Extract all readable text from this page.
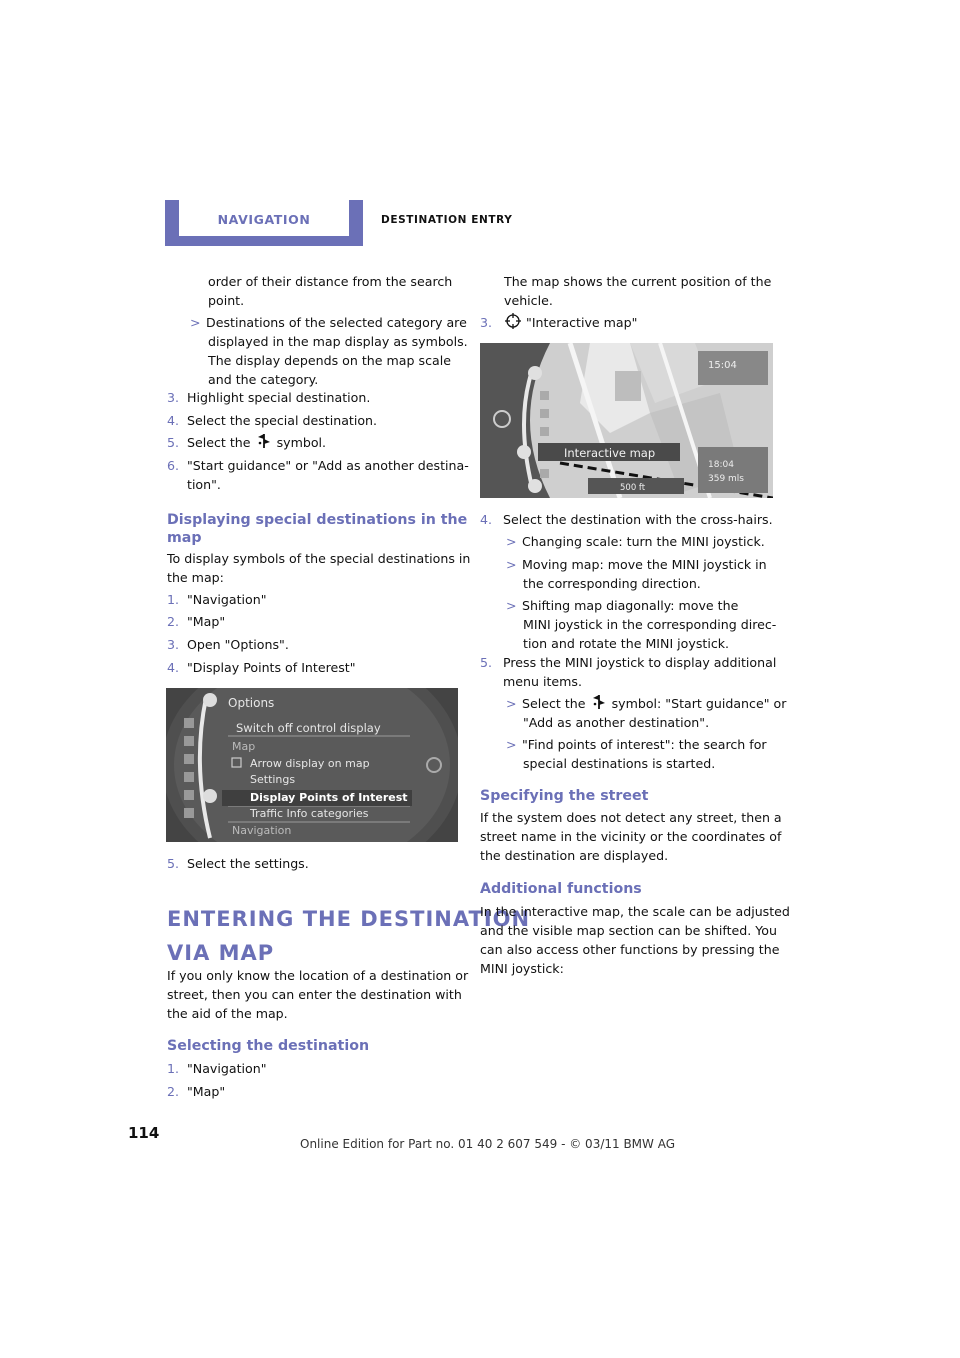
NAVIGATION	DESTINATION ENTRY
order of their distance from the search
point.
> Destinations of the selected category are
displayed in the map display as symbols.
The display depends on the map scale
and the category.
3. Highlight special destination.
4. Select the special destination.
5. Select the symbol.
6. "Start guidance" or "Add as another destina-
tion".
Displaying special destinations in the
map
To display symbols of the special destinations in
the map:
1. "Navigation"
2. "Map"
3. Open "Options".
4. "Display Points of Interest"
Options
Switch off control display
Map
Arrow display on map
Settings
Display Points of Interest
Traffic Info categories
Navigation
5. Select the settings.
ENTERING THE DESTINATION
VIA MAP
If you only know the location of a destination or
street, then you can enter the destination with
the aid of the map.
Selecting the destination
1. "Navigation"
2. "Map"
The map shows the current position of the
vehicle.
3.	"Interactive map"
Interactive map
15:04
18:04
359 mls
500 ft
4. Select the destination with the cross-hairs.
> Changing scale: turn the MINI joystick.
> Moving map: move the MINI joystick in
the corresponding direction.
> Shifting map diagonally: move the
MINI joystick in the corresponding direc-
tion and rotate the MINI joystick.
5. Press the MINI joystick to display additional
menu items.
> Select the symbol: "Start guidance" or
"Add as another destination".
> "Find points of interest": the search for
special destinations is started.
Specifying the street
If the system does not detect any street, then a
street name in the vicinity or the coordinates of
the destination are displayed.
Additional functions
In the interactive map, the scale can be adjusted
and the visible map section can be shifted. You
can also access other functions by pressing the
MINI joystick:
114
Online Edition for Part no. 01 40 2 607 549 - © 03/11 BMW AG
